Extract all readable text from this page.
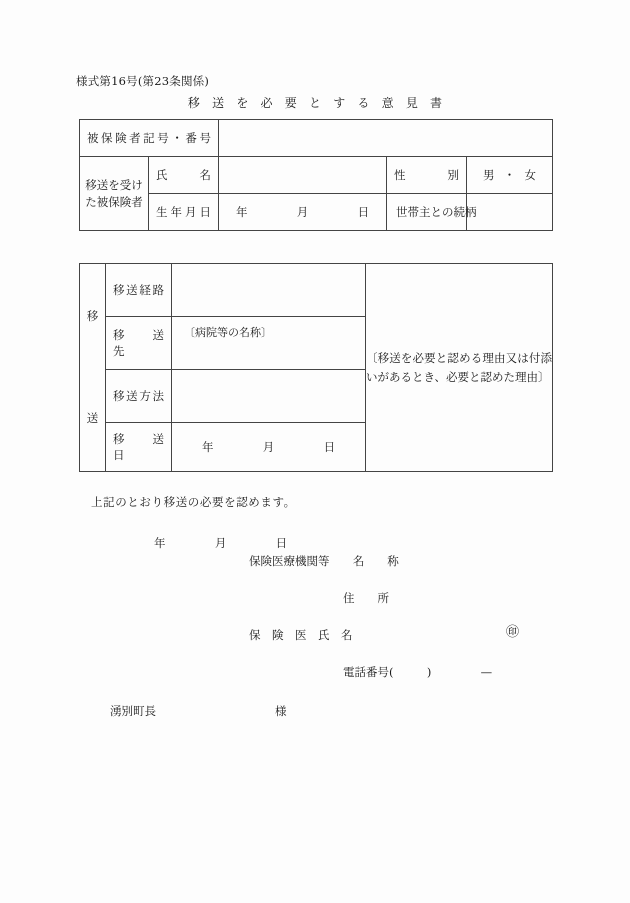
様式第16号(第23条関係)
移 送 を 必 要 と す る 意 見 書
被保険者記号・番号				

移送を受け
た被保険者	氏　　名		性　　　別	男 ・ 女

	生年月日	年 月 日	世帯主との続柄	

移
送	移送経路		〔移送を必要と認める理由又は付添いがあるとき、必要と認めた理由〕

	移　送　先	〔病院等の名称〕	

	移送方法		

	移　送　日	年 月 日	
上記のとおり移送の必要を認めます。
年	月	日
保険医療機関等 名　　称
住　　所
保　険　医　氏　名	㊞
電話番号(	)	—
湧別町長	様
